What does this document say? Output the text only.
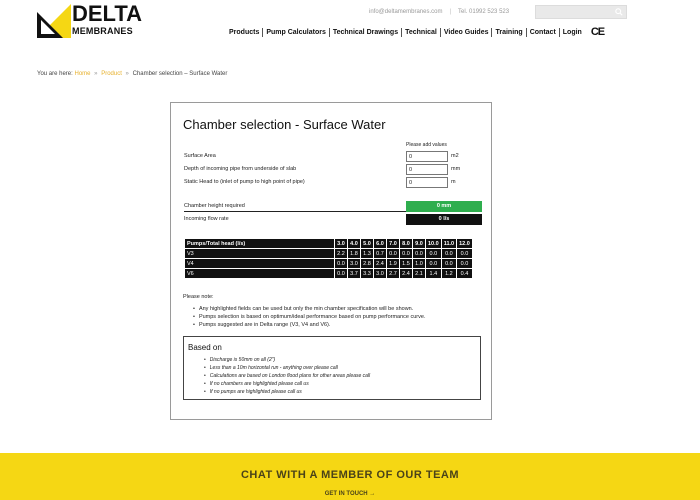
DELTA
MEMBRANES
info@deltamembranes.com | Tel. 01992 523 523
Products	Pump Calculators	Technical Drawings	Technical	Video Guides	Training	Contact	Login CE
You are here: Home » Product » Chamber selection – Surface Water
Chamber selection - Surface Water
Please add values
Surface Area
0	m2
Depth of incoming pipe from underside of slab
0	mm
Static Head to (inlet of pump to high point of pipe)
0	m
Chamber height required	0 mm
Incoming flow rate	0 l/s
Pumps/Total head (l/s)	3.0	4.0	5.0	6.0	7.0	8.0	9.0	10.0	11.0	12.0
V3	2.2	1.8	1.3	0.7	0.0	0.0	0.0	0.0	0.0	0.0
V4	0.0	3.0	2.8	2.4	1.9	1.5	1.0	0.0	0.0	0.0
V6	0.0	3.7	3.3	3.0	2.7	2.4	2.1	1.4	1.2	0.4
Please note:
• Any highlighted fields can be used but only the min chamber specification will be shown.
• Pumps selection is based on optimum/ideal performance based on pump performance curve.
• Pumps suggested are in Delta range (V3, V4 and V6).
Based on
• Discharge is 50mm on all (2")
• Less than a 10m horizontal run - anything over please call
• Calculations are based on London flood plans for other areas please call
• If no chambers are highlighted please call us
• If no pumps are highlighted please call us
CHAT WITH A MEMBER OF OUR TEAM
GET IN TOUCH →
